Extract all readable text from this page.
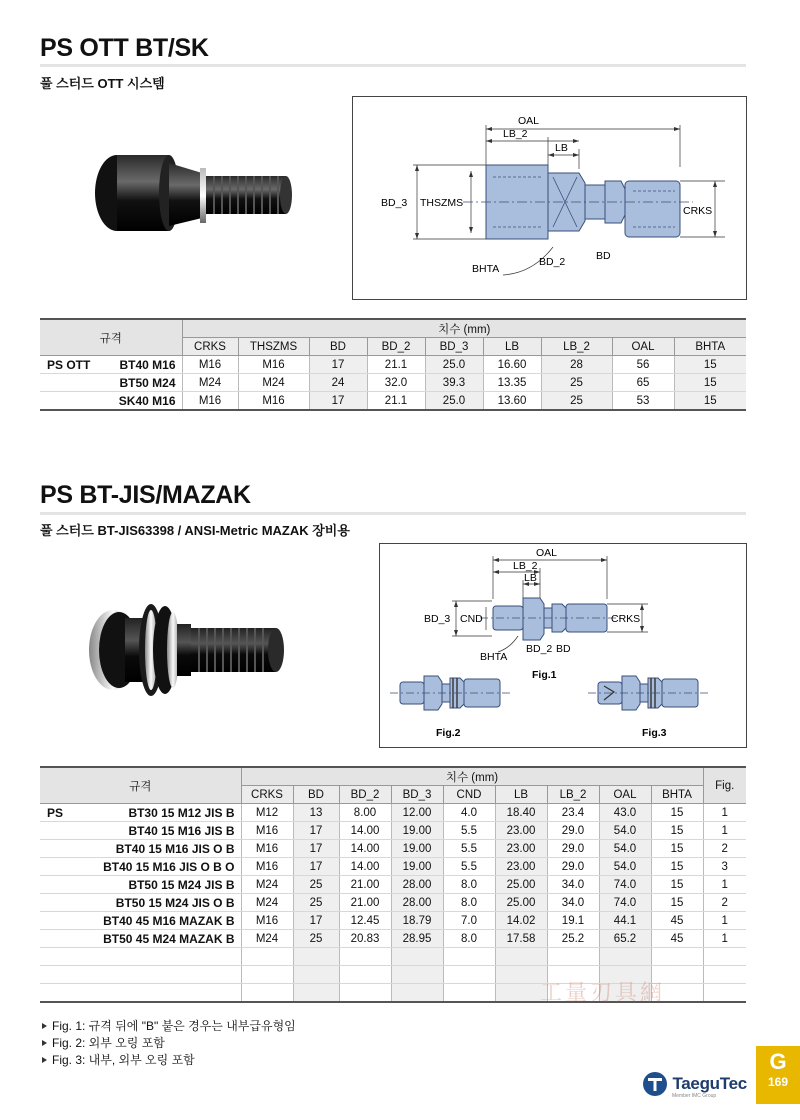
PS OTT BT/SK
풀 스터드 OTT 시스템
OAL
LB_2
LB
BD_3 THSZMS
CRKS
BHTA
BD_2	BD
규격	치수 (mm)								
	CRKS	THSZMS	BD	BD_2	BD_3	LB	LB_2	OAL	BHTA

PS OTT BT40 M16	M16	M16	17	21.1	25.0	16.60	28	56	15
BT50 M24	M24	M24	24	32.0	39.3	13.35	25	65	15
SK40 M16	M16	M16	17	21.1	25.0	13.60	25	53	15
PS BT-JIS/MAZAK
풀 스터드 BT-JIS63398 / ANSI-Metric MAZAK 장비용
OAL
LB_2
LB
BD_3 CND	CRKS
BHTA
BD_2 BD
Fig.1
Fig.2	Fig.3
규격	치수 (mm)									Fig.
	CRKS	BD	BD_2	BD_3	CND	LB	LB_2	OAL	BHTA	

PS BT30 15 M12 JIS B	M12	13	8.00	12.00	4.0	18.40	23.4	43.0	15	1

BT40 15 M16 JIS B	M16	17	14.00	19.00	5.5	23.00	29.0	54.0	15	1

BT40 15 M16 JIS O B	M16	17	14.00	19.00	5.5	23.00	29.0	54.0	15	2

BT40 15 M16 JIS O B O	M16	17	14.00	19.00	5.5	23.00	29.0	54.0	15	3

BT50 15 M24 JIS B	M24	25	21.00	28.00	8.0	25.00	34.0	74.0	15	1

BT50 15 M24 JIS O B	M24	25	21.00	28.00	8.0	25.00	34.0	74.0	15	2

BT40 45 M16 MAZAK B	M16	17	12.45	18.79	7.0	14.02	19.1	44.1	45	1

BT50 45 M24 MAZAK B	M24	25	20.83	28.95	8.0	17.58	25.2	65.2	45	1

Fig. 1: 규격 뒤에 "B" 붙은 경우는 내부급유형임
Fig. 2: 외부 오링 포함
Fig. 3: 내부, 외부 오링 포함
工量刃具網
TaeguTec
Member IMC Group
G
169
